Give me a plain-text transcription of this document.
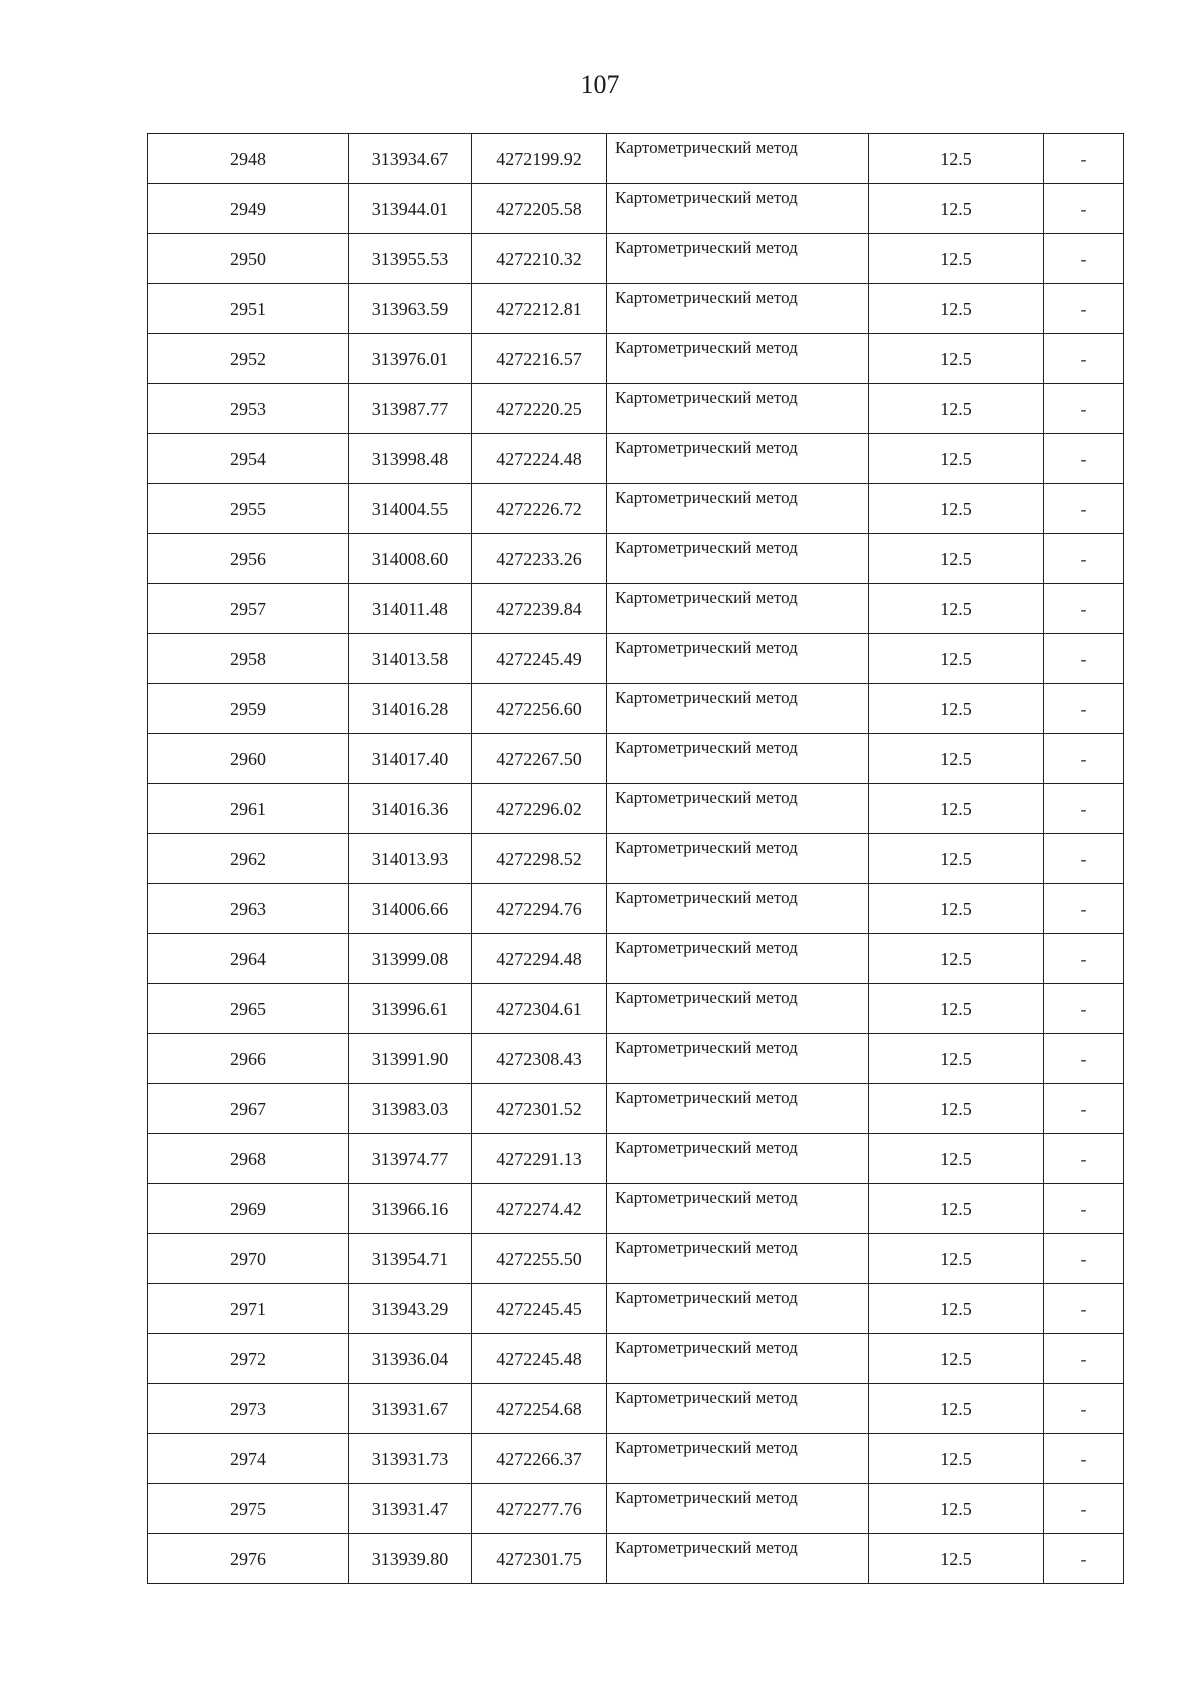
107
2948	313934.67	4272199.92	Картометрический метод	12.5	-
2949	313944.01	4272205.58	Картометрический метод	12.5	-
2950	313955.53	4272210.32	Картометрический метод	12.5	-
2951	313963.59	4272212.81	Картометрический метод	12.5	-
2952	313976.01	4272216.57	Картометрический метод	12.5	-
2953	313987.77	4272220.25	Картометрический метод	12.5	-
2954	313998.48	4272224.48	Картометрический метод	12.5	-
2955	314004.55	4272226.72	Картометрический метод	12.5	-
2956	314008.60	4272233.26	Картометрический метод	12.5	-
2957	314011.48	4272239.84	Картометрический метод	12.5	-
2958	314013.58	4272245.49	Картометрический метод	12.5	-
2959	314016.28	4272256.60	Картометрический метод	12.5	-
2960	314017.40	4272267.50	Картометрический метод	12.5	-
2961	314016.36	4272296.02	Картометрический метод	12.5	-
2962	314013.93	4272298.52	Картометрический метод	12.5	-
2963	314006.66	4272294.76	Картометрический метод	12.5	-
2964	313999.08	4272294.48	Картометрический метод	12.5	-
2965	313996.61	4272304.61	Картометрический метод	12.5	-
2966	313991.90	4272308.43	Картометрический метод	12.5	-
2967	313983.03	4272301.52	Картометрический метод	12.5	-
2968	313974.77	4272291.13	Картометрический метод	12.5	-
2969	313966.16	4272274.42	Картометрический метод	12.5	-
2970	313954.71	4272255.50	Картометрический метод	12.5	-
2971	313943.29	4272245.45	Картометрический метод	12.5	-
2972	313936.04	4272245.48	Картометрический метод	12.5	-
2973	313931.67	4272254.68	Картометрический метод	12.5	-
2974	313931.73	4272266.37	Картометрический метод	12.5	-
2975	313931.47	4272277.76	Картометрический метод	12.5	-
2976	313939.80	4272301.75	Картометрический метод	12.5	-
